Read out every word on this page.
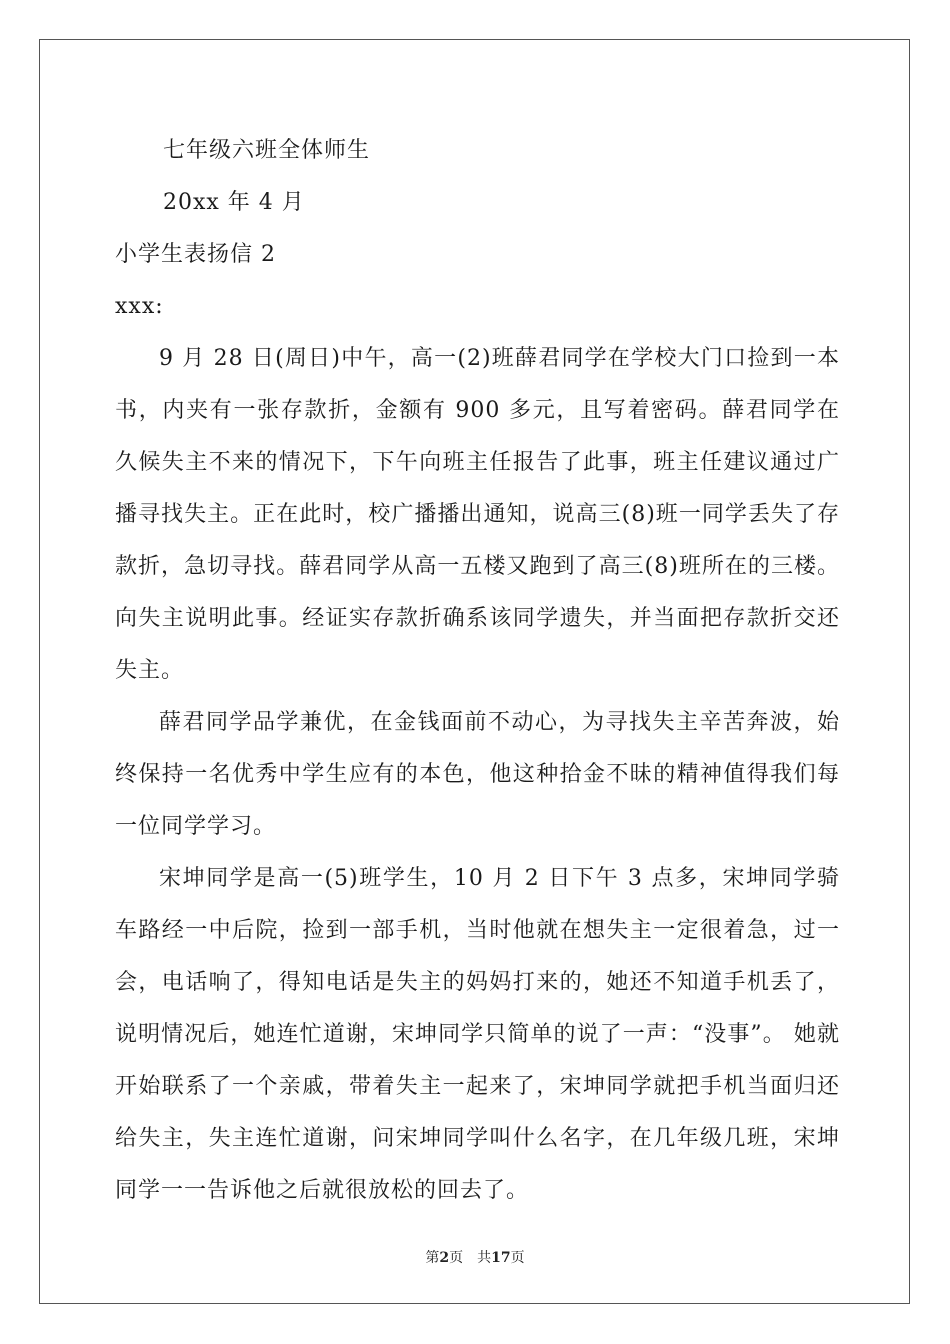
七年级六班全体师生
20xx 年 4 月
小学生表扬信 2
xxx:

9 月 28 日(周日)中午，高一(2)班薛君同学在学校大门口捡到一本书，内夹有一张存款折，金额有 900 多元，且写着密码。薛君同学在久候失主不来的情况下，下午向班主任报告了此事，班主任建议通过广播寻找失主。正在此时，校广播播出通知，说高三(8)班一同学丢失了存款折，急切寻找。薛君同学从高一五楼又跑到了高三(8)班所在的三楼。向失主说明此事。经证实存款折确系该同学遗失，并当面把存款折交还失主。

薛君同学品学兼优，在金钱面前不动心，为寻找失主辛苦奔波，始终保持一名优秀中学生应有的本色，他这种拾金不昧的精神值得我们每一位同学学习。

宋坤同学是高一(5)班学生，10 月 2 日下午 3 点多，宋坤同学骑车路经一中后院，捡到一部手机，当时他就在想失主一定很着急，过一会，电话响了，得知电话是失主的妈妈打来的，她还不知道手机丢了，说明情况后，她连忙道谢，宋坤同学只简单的说了一声：“没事”。 她就开始联系了一个亲戚，带着失主一起来了，宋坤同学就把手机当面归还给失主，失主连忙道谢，问宋坤同学叫什么名字，在几年级几班，宋坤同学一一告诉他之后就很放松的回去了。

第2页　共17页
